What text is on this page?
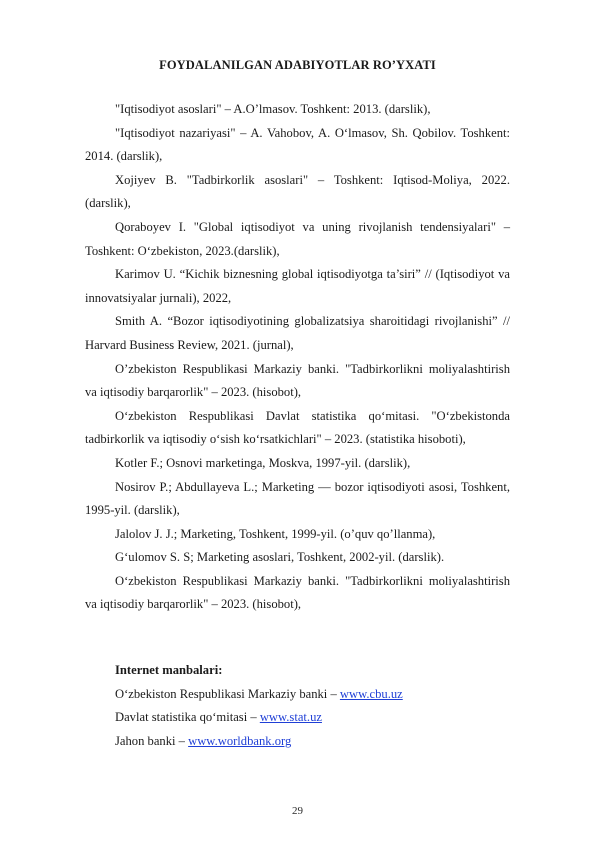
FOYDALANILGAN ADABIYOTLAR RO’YXATI

"Iqtisodiyot asoslari" – A.O’lmasov. Toshkent: 2013. (darslik),

"Iqtisodiyot nazariyasi" – A. Vahobov, A. O‘lmasov, Sh. Qobilov. Toshkent: 2014. (darslik),

Xojiyev B. "Tadbirkorlik asoslari" – Toshkent: Iqtisod-Moliya, 2022. (darslik),

Qoraboyev I. "Global iqtisodiyot va uning rivojlanish tendensiyalari" – Toshkent: O‘zbekiston, 2023.(darslik),

Karimov U. “Kichik biznesning global iqtisodiyotga ta’siri” // (Iqtisodiyot va innovatsiyalar jurnali), 2022,

Smith A. “Bozor iqtisodiyotining globalizatsiya sharoitidagi rivojlanishi” // Harvard Business Review, 2021. (jurnal),

O’zbekiston Respublikasi Markaziy banki. "Tadbirkorlikni moliyalashtirish va iqtisodiy barqarorlik" – 2023. (hisobot),

O‘zbekiston Respublikasi Davlat statistika qo‘mitasi. "O‘zbekistonda tadbirkorlik va iqtisodiy o‘sish ko‘rsatkichlari" – 2023. (statistika hisoboti),

Kotler F.; Osnovi marketinga, Moskva, 1997-yil. (darslik),

Nosirov P.; Abdullayeva L.; Marketing — bozor iqtisodiyoti asosi, Toshkent, 1995-yil. (darslik),

Jalolov J. J.; Marketing, Toshkent, 1999-yil. (o’quv qo’llanma),

G‘ulomov S. S; Marketing asoslari, Toshkent, 2002-yil. (darslik).

O‘zbekiston Respublikasi Markaziy banki. "Tadbirkorlikni moliyalashtirish va iqtisodiy barqarorlik" – 2023. (hisobot),

Internet manbalari:

O‘zbekiston Respublikasi Markaziy banki – www.cbu.uz

Davlat statistika qo‘mitasi – www.stat.uz

Jahon banki – www.worldbank.org

29
